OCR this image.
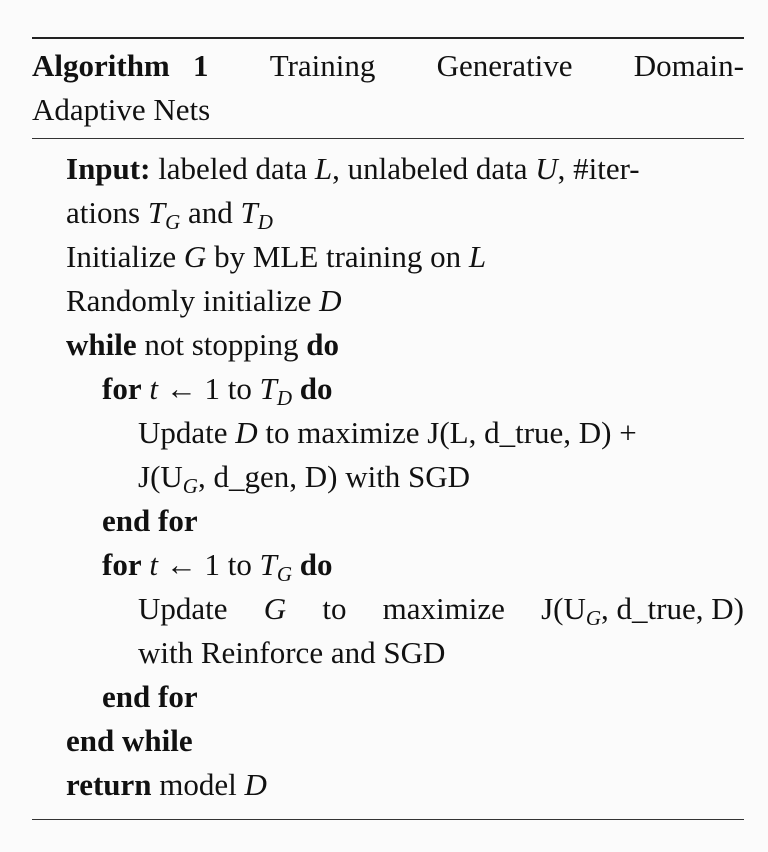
Algorithm 1 Training Generative Domain-
Adaptive Nets
Input: labeled data L, unlabeled data U, #iter-
ations $T_G$ and $T_D$
Initialize G by MLE training on L
Randomly initialize D
while not stopping do
for t ← 1 to $T_D$ do
Update D to maximize J(L, d_true, D) +
$J(U_G$, d_gen, D) with SGD
end for
for t ← 1 to $T_G$ do
Update G to maximize $J(U_G$, d_true, D)
with Reinforce and SGD
end for
end while
return model D
